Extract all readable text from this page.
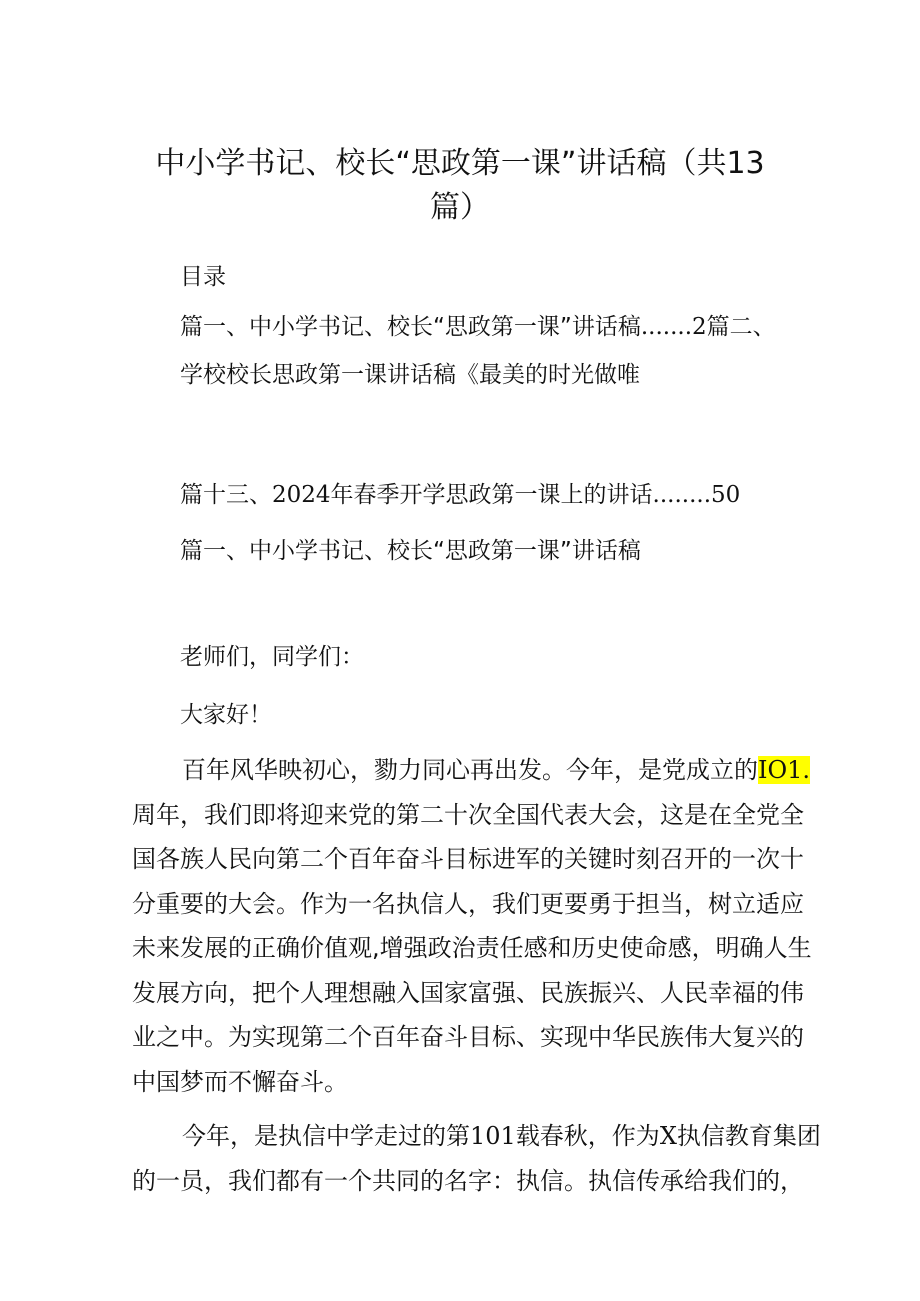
中小学书记、校长“思政第一课”讲话稿（共13
篇）
目录
篇一、中小学书记、校长“思政第一课”讲话稿.......2篇二、
学校校长思政第一课讲话稿《最美的时光做唯
篇十三、2024年春季开学思政第一课上的讲话........50
篇一、中小学书记、校长“思政第一课”讲话稿
老师们，同学们：
大家好！
百年风华映初心，勠力同心再出发。今年，是党成立的IO1.
周年，我们即将迎来党的第二十次全国代表大会，这是在全党全
国各族人民向第二个百年奋斗目标进军的关键时刻召开的一次十
分重要的大会。作为一名执信人，我们更要勇于担当，树立适应
未来发展的正确价值观,增强政治责任感和历史使命感，明确人生
发展方向，把个人理想融入国家富强、民族振兴、人民幸福的伟
业之中。为实现第二个百年奋斗目标、实现中华民族伟大复兴的
中国梦而不懈奋斗。
今年，是执信中学走过的第101载春秋，作为X执信教育集团
的一员，我们都有一个共同的名字：执信。执信传承给我们的，
